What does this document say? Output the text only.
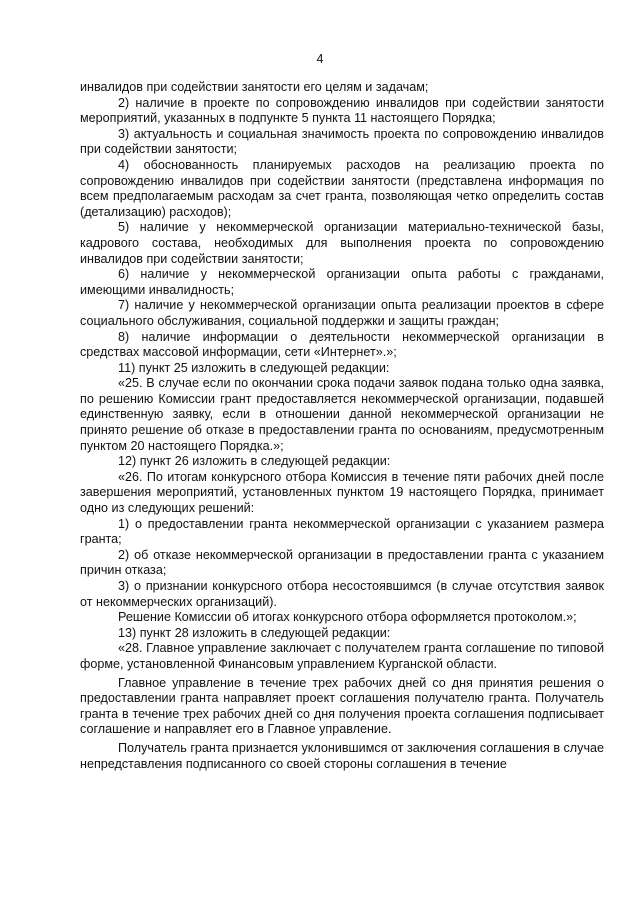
4

инвалидов при содействии занятости его целям и задачам;

2) наличие в проекте по сопровождению инвалидов при содействии занятости мероприятий, указанных в подпункте 5 пункта 11 настоящего Порядка;

3) актуальность и социальная значимость проекта по сопровождению инвалидов при содействии занятости;

4) обоснованность планируемых расходов на реализацию проекта по сопровождению инвалидов при содействии занятости (представлена информация по всем предполагаемым расходам за счет гранта, позволяющая четко определить состав (детализацию) расходов);

5) наличие у некоммерческой организации материально-технической базы, кадрового состава, необходимых для выполнения проекта по сопровождению инвалидов при содействии занятости;

6) наличие у некоммерческой организации опыта работы с гражданами, имеющими инвалидность;

7) наличие у некоммерческой организации опыта реализации проектов в сфере социального обслуживания, социальной поддержки и защиты граждан;

8) наличие информации о деятельности некоммерческой организации в средствах массовой информации, сети «Интернет».»;

11) пункт 25 изложить в следующей редакции:

«25. В случае если по окончании срока подачи заявок подана только одна заявка, по решению Комиссии грант предоставляется некоммерческой организации, подавшей единственную заявку, если в отношении данной некоммерческой организации не принято решение об отказе в предоставлении гранта по основаниям, предусмотренным пунктом 20 настоящего Порядка.»;

12) пункт 26 изложить в следующей редакции:

«26. По итогам конкурсного отбора Комиссия в течение пяти рабочих дней после завершения мероприятий, установленных пунктом 19 настоящего Порядка, принимает одно из следующих решений:

1) о предоставлении гранта некоммерческой организации с указанием размера гранта;

2) об отказе некоммерческой организации в предоставлении гранта с указанием причин отказа;

3) о признании конкурсного отбора несостоявшимся (в случае отсутствия заявок от некоммерческих организаций).

Решение Комиссии об итогах конкурсного отбора оформляется протоколом.»;

13) пункт 28 изложить в следующей редакции:

«28. Главное управление заключает с получателем гранта соглашение по типовой форме, установленной Финансовым управлением Курганской области.

Главное управление в течение трех рабочих дней со дня принятия решения о предоставлении гранта направляет проект соглашения получателю гранта. Получатель гранта в течение трех рабочих дней со дня получения проекта соглашения подписывает соглашение и направляет его в Главное управление.

Получатель гранта признается уклонившимся от заключения соглашения в случае непредставления подписанного со своей стороны соглашения в течение
